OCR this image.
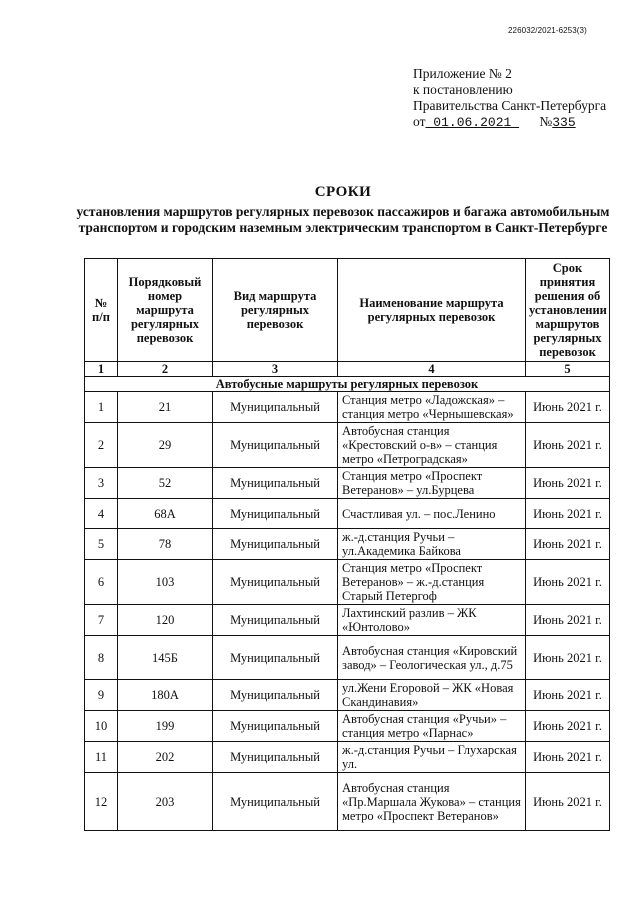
226032/2021-6253(3)
Приложение № 2
к постановлению
Правительства Санкт-Петербурга
от 01.06.2021       №335
СРОКИ
установления маршрутов регулярных перевозок пассажиров и багажа автомобильным транспортом и городским наземным электрическим транспортом в Санкт-Петербурге
№ п/п	Порядковый номер маршрута регулярных перевозок	Вид маршрута регулярных перевозок	Наименование маршрута регулярных перевозок	Срок принятия решения об установлении маршрутов регулярных перевозок
1	2	3	4	5
Автобусные маршруты регулярных перевозок				
1	21	Муниципальный	Станция метро «Ладожская» – станция метро «Чернышевская»	Июнь 2021 г.
2	29	Муниципальный	Автобусная станция «Крестовский о-в» – станция метро «Петроградская»	Июнь 2021 г.
3	52	Муниципальный	Станция метро «Проспект Ветеранов» – ул.Бурцева	Июнь 2021 г.
4	68А	Муниципальный	Счастливая ул. – пос.Ленино	Июнь 2021 г.
5	78	Муниципальный	ж.-д.станция Ручьи – ул.Академика Байкова	Июнь 2021 г.
6	103	Муниципальный	Станция метро «Проспект Ветеранов» – ж.-д.станция Старый Петергоф	Июнь 2021 г.
7	120	Муниципальный	Лахтинский разлив – ЖК «Юнтолово»	Июнь 2021 г.
8	145Б	Муниципальный	Автобусная станция «Кировский завод» – Геологическая ул., д.75	Июнь 2021 г.
9	180А	Муниципальный	ул.Жени Егоровой – ЖК «Новая Скандинавия»	Июнь 2021 г.
10	199	Муниципальный	Автобусная станция «Ручьи» – станция метро «Парнас»	Июнь 2021 г.
11	202	Муниципальный	ж.-д.станция Ручьи – Глухарская ул.	Июнь 2021 г.
12	203	Муниципальный	Автобусная станция «Пр.Маршала Жукова» – станция метро «Проспект Ветеранов»	Июнь 2021 г.
